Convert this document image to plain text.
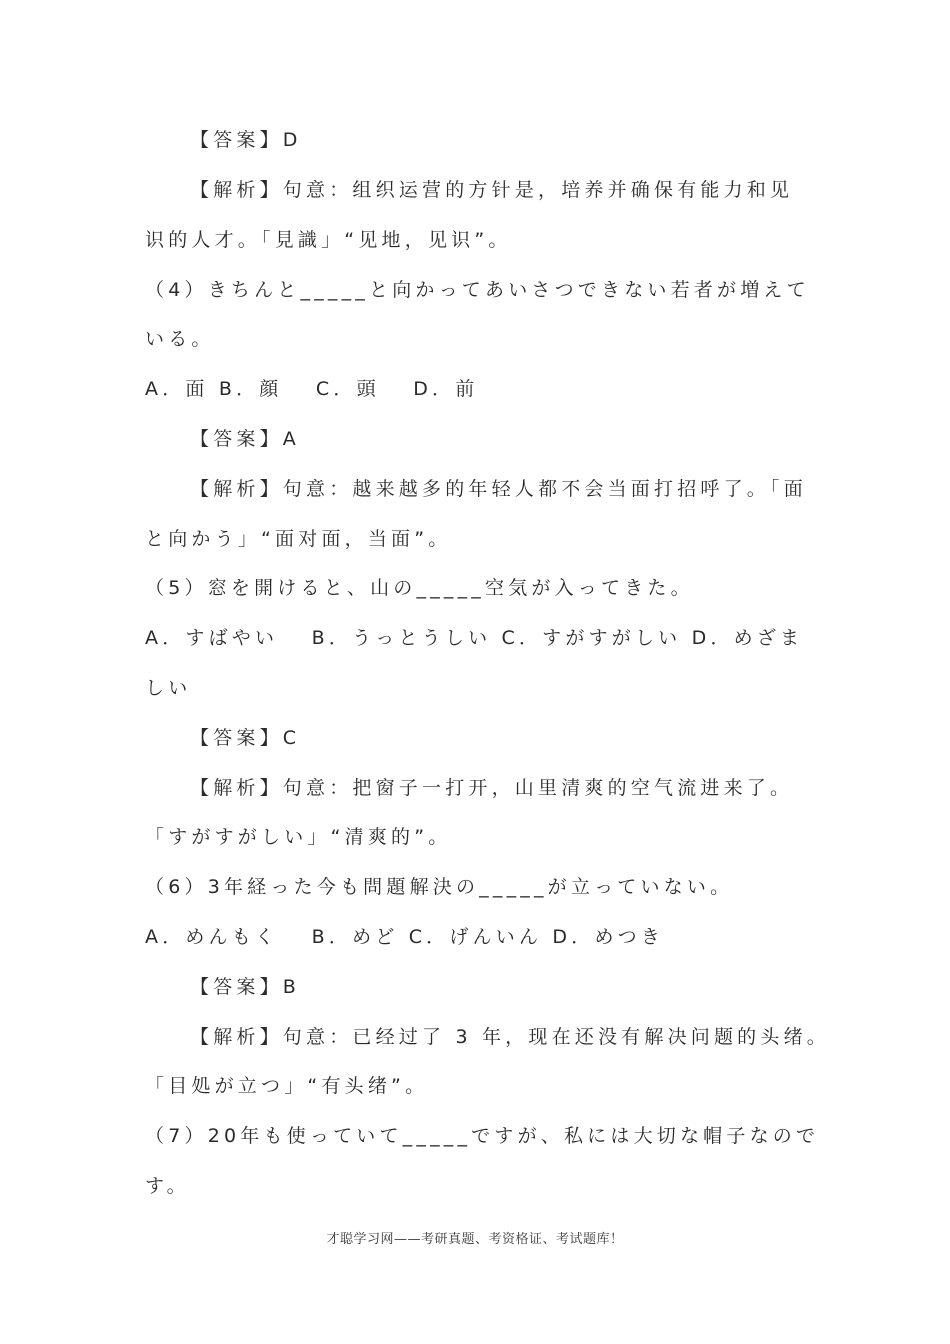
【答案】D
【解析】句意：组织运营的方针是，培养并确保有能力和见
识的人才。「見識」“见地，见识”。
（4）きちんと_____と向かってあいさつできない若者が増えて
いる。
A．面 B．顔　 C．頭　 D．前
【答案】A
【解析】句意：越来越多的年轻人都不会当面打招呼了。「面
と向かう」“面对面，当面”。
（5）窓を開けると、山の_____空気が入ってきた。
A．すばやい　 B．うっとうしい C．すがすがしい D．めざま
しい
【答案】C
【解析】句意：把窗子一打开，山里清爽的空气流进来了。
「すがすがしい」“清爽的”。
（6）3年経った今も問題解決の_____が立っていない。
A．めんもく　 B．めど C．げんいん D．めつき
【答案】B
【解析】句意：已经过了 3 年，现在还没有解决问题的头绪。
「目処が立つ」“有头绪”。
（7）20年も使っていて_____ですが、私には大切な帽子なので
す。
才聪学习网——考研真题、考资格证、考试题库！
